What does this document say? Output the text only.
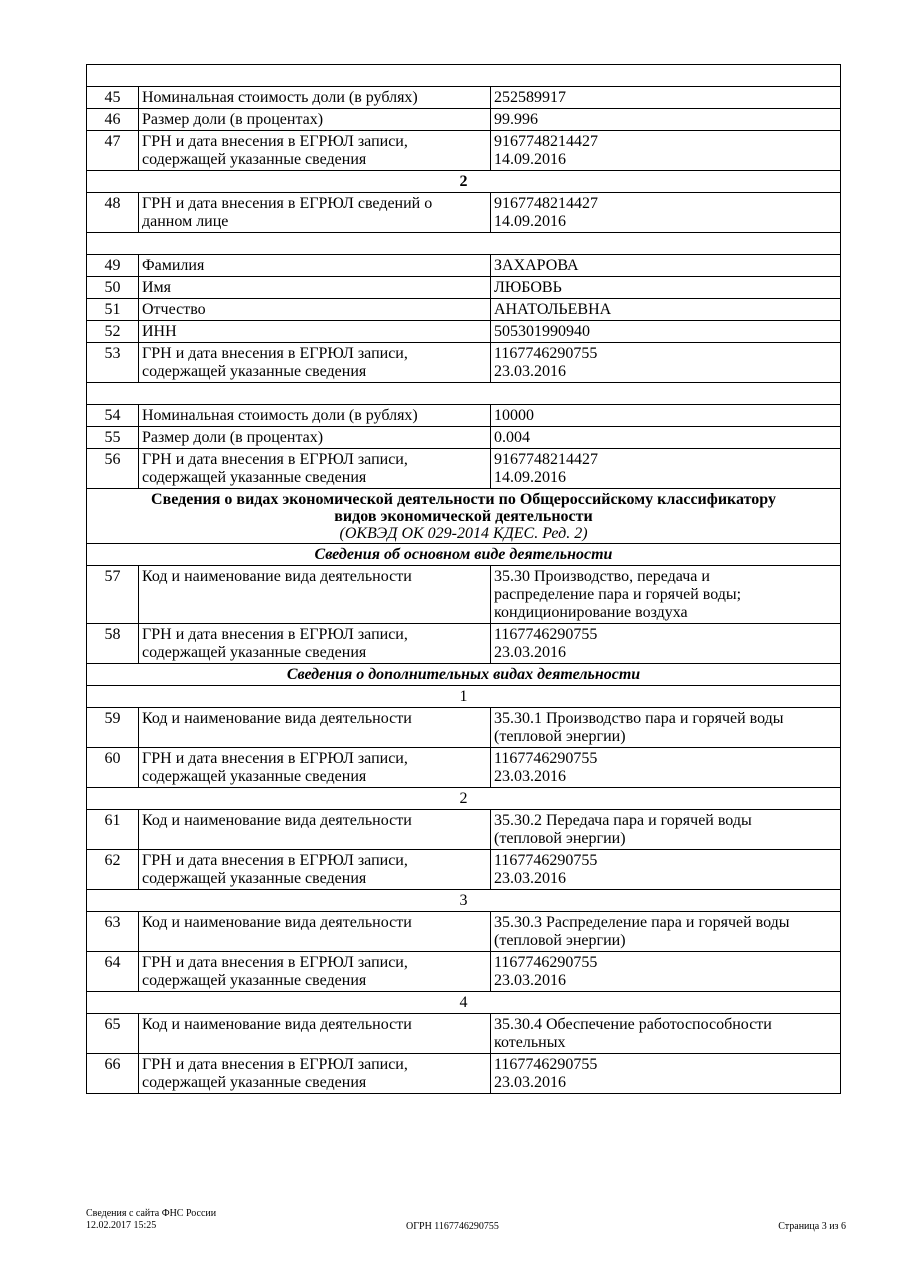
45	Номинальная стоимость доли (в рублях)	252589917

46	Размер доли (в процентах)	99.996

47	ГРН и дата внесения в ЕГРЮЛ записи,
содержащей указанные сведения	9167748214427
14.09.2016

2		
48	ГРН и дата внесения в ЕГРЮЛ сведений о
данном лице	9167748214427
14.09.2016

49	Фамилия	ЗАХАРОВА

50	Имя	ЛЮБОВЬ

51	Отчество	АНАТОЛЬЕВНА

52	ИНН	505301990940

53	ГРН и дата внесения в ЕГРЮЛ записи,
содержащей указанные сведения	1167746290755
23.03.2016

54	Номинальная стоимость доли (в рублях)	10000

55	Размер доли (в процентах)	0.004

56	ГРН и дата внесения в ЕГРЮЛ записи,
содержащей указанные сведения	9167748214427
14.09.2016

Сведения о видах экономической деятельности по Общероссийскому классификатору
видов экономической деятельности
(ОКВЭД ОК 029-2014 КДЕС. Ред. 2)		

Сведения об основном виде деятельности		
57	Код и наименование вида деятельности	35.30 Производство, передача и
распределение пара и горячей воды;
кондиционирование воздуха

58	ГРН и дата внесения в ЕГРЮЛ записи,
содержащей указанные сведения	1167746290755
23.03.2016

Сведения о дополнительных видах деятельности		
1		
59	Код и наименование вида деятельности	35.30.1 Производство пара и горячей воды
(тепловой энергии)

60	ГРН и дата внесения в ЕГРЮЛ записи,
содержащей указанные сведения	1167746290755
23.03.2016

2		
61	Код и наименование вида деятельности	35.30.2 Передача пара и горячей воды
(тепловой энергии)

62	ГРН и дата внесения в ЕГРЮЛ записи,
содержащей указанные сведения	1167746290755
23.03.2016

3		
63	Код и наименование вида деятельности	35.30.3 Распределение пара и горячей воды
(тепловой энергии)

64	ГРН и дата внесения в ЕГРЮЛ записи,
содержащей указанные сведения	1167746290755
23.03.2016

4		
65	Код и наименование вида деятельности	35.30.4 Обеспечение работоспособности
котельных

66	ГРН и дата внесения в ЕГРЮЛ записи,
содержащей указанные сведения	1167746290755
23.03.2016
Сведения с сайта ФНС России
12.02.2017 15:25	ОГРН 1167746290755	Страница 3 из 6
